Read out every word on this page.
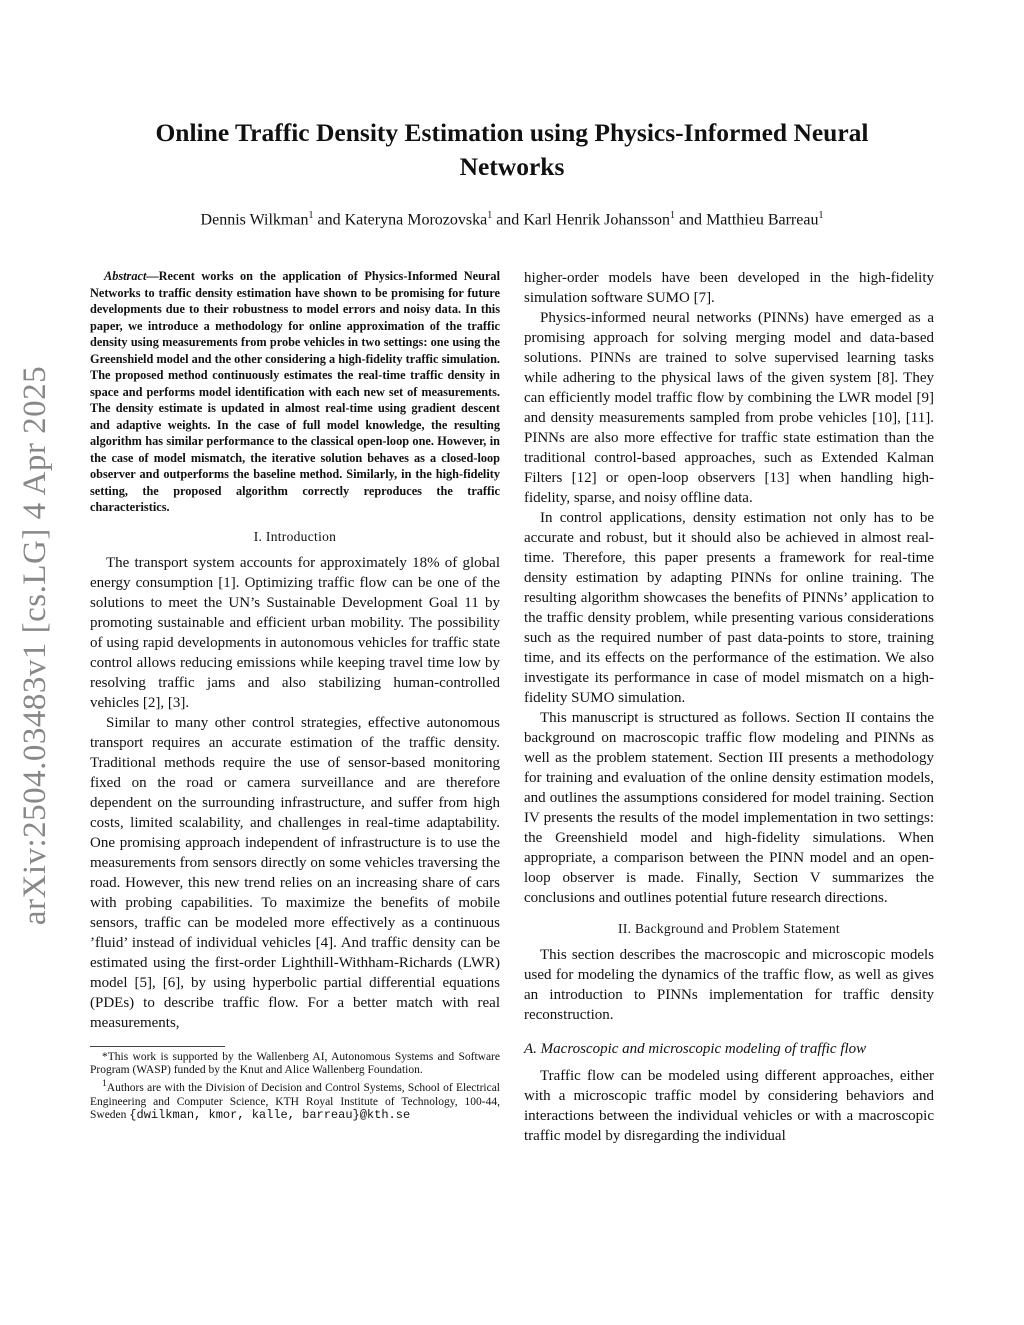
arXiv:2504.03483v1 [cs.LG] 4 Apr 2025
Online Traffic Density Estimation using Physics-Informed Neural Networks
Dennis Wilkman$^1$ and Kateryna Morozovska$^1$ and Karl Henrik Johansson$^1$ and Matthieu Barreau$^1$

Abstract—Recent works on the application of Physics-Informed Neural Networks to traffic density estimation have shown to be promising for future developments due to their robustness to model errors and noisy data. In this paper, we introduce a methodology for online approximation of the traffic density using measurements from probe vehicles in two settings: one using the Greenshield model and the other considering a high-fidelity traffic simulation. The proposed method continuously estimates the real-time traffic density in space and performs model identification with each new set of measurements. The density estimate is updated in almost real-time using gradient descent and adaptive weights. In the case of full model knowledge, the resulting algorithm has similar performance to the classical open-loop one. However, in the case of model mismatch, the iterative solution behaves as a closed-loop observer and outperforms the baseline method. Similarly, in the high-fidelity setting, the proposed algorithm correctly reproduces the traffic characteristics.

I. Introduction

The transport system accounts for approximately 18% of global energy consumption [1]. Optimizing traffic flow can be one of the solutions to meet the UN’s Sustainable Development Goal 11 by promoting sustainable and efficient urban mobility. The possibility of using rapid developments in autonomous vehicles for traffic state control allows reducing emissions while keeping travel time low by resolving traffic jams and also stabilizing human-controlled vehicles [2], [3].

Similar to many other control strategies, effective autonomous transport requires an accurate estimation of the traffic density. Traditional methods require the use of sensor-based monitoring fixed on the road or camera surveillance and are therefore dependent on the surrounding infrastructure, and suffer from high costs, limited scalability, and challenges in real-time adaptability. One promising approach independent of infrastructure is to use the measurements from sensors directly on some vehicles traversing the road. However, this new trend relies on an increasing share of cars with probing capabilities. To maximize the benefits of mobile sensors, traffic can be modeled more effectively as a continuous ’fluid’ instead of individual vehicles [4]. And traffic density can be estimated using the first-order Lighthill-Withham-Richards (LWR) model [5], [6], by using hyperbolic partial differential equations (PDEs) to describe traffic flow. For a better match with real measurements,

*This work is supported by the Wallenberg AI, Autonomous Systems and Software Program (WASP) funded by the Knut and Alice Wallenberg Foundation.

$^1$Authors are with the Division of Decision and Control Systems, School of Electrical Engineering and Computer Science, KTH Royal Institute of Technology, 100-44, Sweden {dwilkman, kmor, kalle, barreau}@kth.se

higher-order models have been developed in the high-fidelity simulation software SUMO [7].

Physics-informed neural networks (PINNs) have emerged as a promising approach for solving merging model and data-based solutions. PINNs are trained to solve supervised learning tasks while adhering to the physical laws of the given system [8]. They can efficiently model traffic flow by combining the LWR model [9] and density measurements sampled from probe vehicles [10], [11]. PINNs are also more effective for traffic state estimation than the traditional control-based approaches, such as Extended Kalman Filters [12] or open-loop observers [13] when handling high-fidelity, sparse, and noisy offline data.

In control applications, density estimation not only has to be accurate and robust, but it should also be achieved in almost real-time. Therefore, this paper presents a framework for real-time density estimation by adapting PINNs for online training. The resulting algorithm showcases the benefits of PINNs’ application to the traffic density problem, while presenting various considerations such as the required number of past data-points to store, training time, and its effects on the performance of the estimation. We also investigate its performance in case of model mismatch on a high-fidelity SUMO simulation.

This manuscript is structured as follows. Section II contains the background on macroscopic traffic flow modeling and PINNs as well as the problem statement. Section III presents a methodology for training and evaluation of the online density estimation models, and outlines the assumptions considered for model training. Section IV presents the results of the model implementation in two settings: the Greenshield model and high-fidelity simulations. When appropriate, a comparison between the PINN model and an open-loop observer is made. Finally, Section V summarizes the conclusions and outlines potential future research directions.

II. Background and Problem Statement

This section describes the macroscopic and microscopic models used for modeling the dynamics of the traffic flow, as well as gives an introduction to PINNs implementation for traffic density reconstruction.

A. Macroscopic and microscopic modeling of traffic flow

Traffic flow can be modeled using different approaches, either with a microscopic traffic model by considering behaviors and interactions between the individual vehicles or with a macroscopic traffic model by disregarding the individual
